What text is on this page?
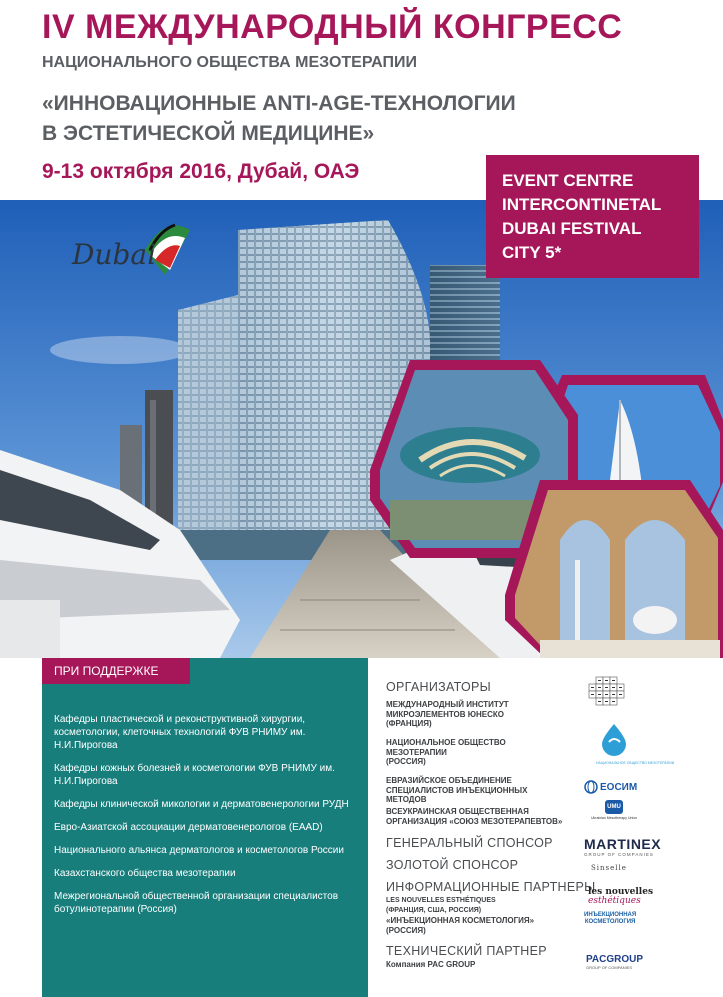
IV МЕЖДУНАРОДНЫЙ КОНГРЕСС
НАЦИОНАЛЬНОГО ОБЩЕСТВА МЕЗОТЕРАПИИ
«ИННОВАЦИОННЫЕ ANTI-AGE-ТЕХНОЛОГИИ
В ЭСТЕТИЧЕСКОЙ МЕДИЦИНЕ»
9-13 октября 2016, Дубай, ОАЭ
Dubai
EVENT CENTRE
INTERCONTINETAL
DUBAI FESTIVAL
CITY 5*
ПРИ ПОДДЕРЖКЕ
Кафедры пластической и реконструктивной хирургии, косметологии, клеточных технологий ФУВ РНИМУ им. Н.И.Пирогова
Кафедры кожных болезней и косметологии ФУВ РНИМУ им. Н.И.Пирогова
Кафедры клинической микологии и дерматовенерологии РУДН
Евро-Азиатской ассоциации дерматовенерологов (EAAD)
Национального альянса дерматологов и косметологов России
Казахстанского общества мезотерапии
Межрегиональной общественной организации специалистов ботулинотерапии (Россия)
ОРГАНИЗАТОРЫ
МЕЖДУНАРОДНЫЙ ИНСТИТУТ
МИКРОЭЛЕМЕНТОВ ЮНЕСКО
(ФРАНЦИЯ)
НАЦИОНАЛЬНОЕ ОБЩЕСТВО
МЕЗОТЕРАПИИ
(РОССИЯ)
ЕВРАЗИЙСКОЕ ОБЪЕДИНЕНИЕ
СПЕЦИАЛИСТОВ ИНЪЕКЦИОННЫХ
МЕТОДОВ
ВСЕУКРАИНСКАЯ ОБЩЕСТВЕННАЯ
ОРГАНИЗАЦИЯ «СОЮЗ МЕЗОТЕРАПЕВТОВ»
ГЕНЕРАЛЬНЫЙ СПОНСОР
ЗОЛОТОЙ СПОНСОР
ИНФОРМАЦИОННЫЕ ПАРТНЕРЫ
LES NOUVELLES ESTHÉTIQUES
(ФРАНЦИЯ, США, РОССИЯ)
«ИНЪЕКЦИОННАЯ КОСМЕТОЛОГИЯ»
(РОССИЯ)
ТЕХНИЧЕСКИЙ ПАРТНЕР
Компания PAC GROUP
НАЦИОНАЛЬНОЕ ОБЩЕСТВО МЕЗОТЕРАПИИ
ЕОСИМ
UMU
Ukrainian Mesotherapy Union
MARTINEX
GROUP OF COMPANIES
Sinselle
les nouvelles
esthétiques
ИНЪЕКЦИОННАЯ
КОСМЕТОЛОГИЯ
PACGROUP
GROUP OF COMPANIES
